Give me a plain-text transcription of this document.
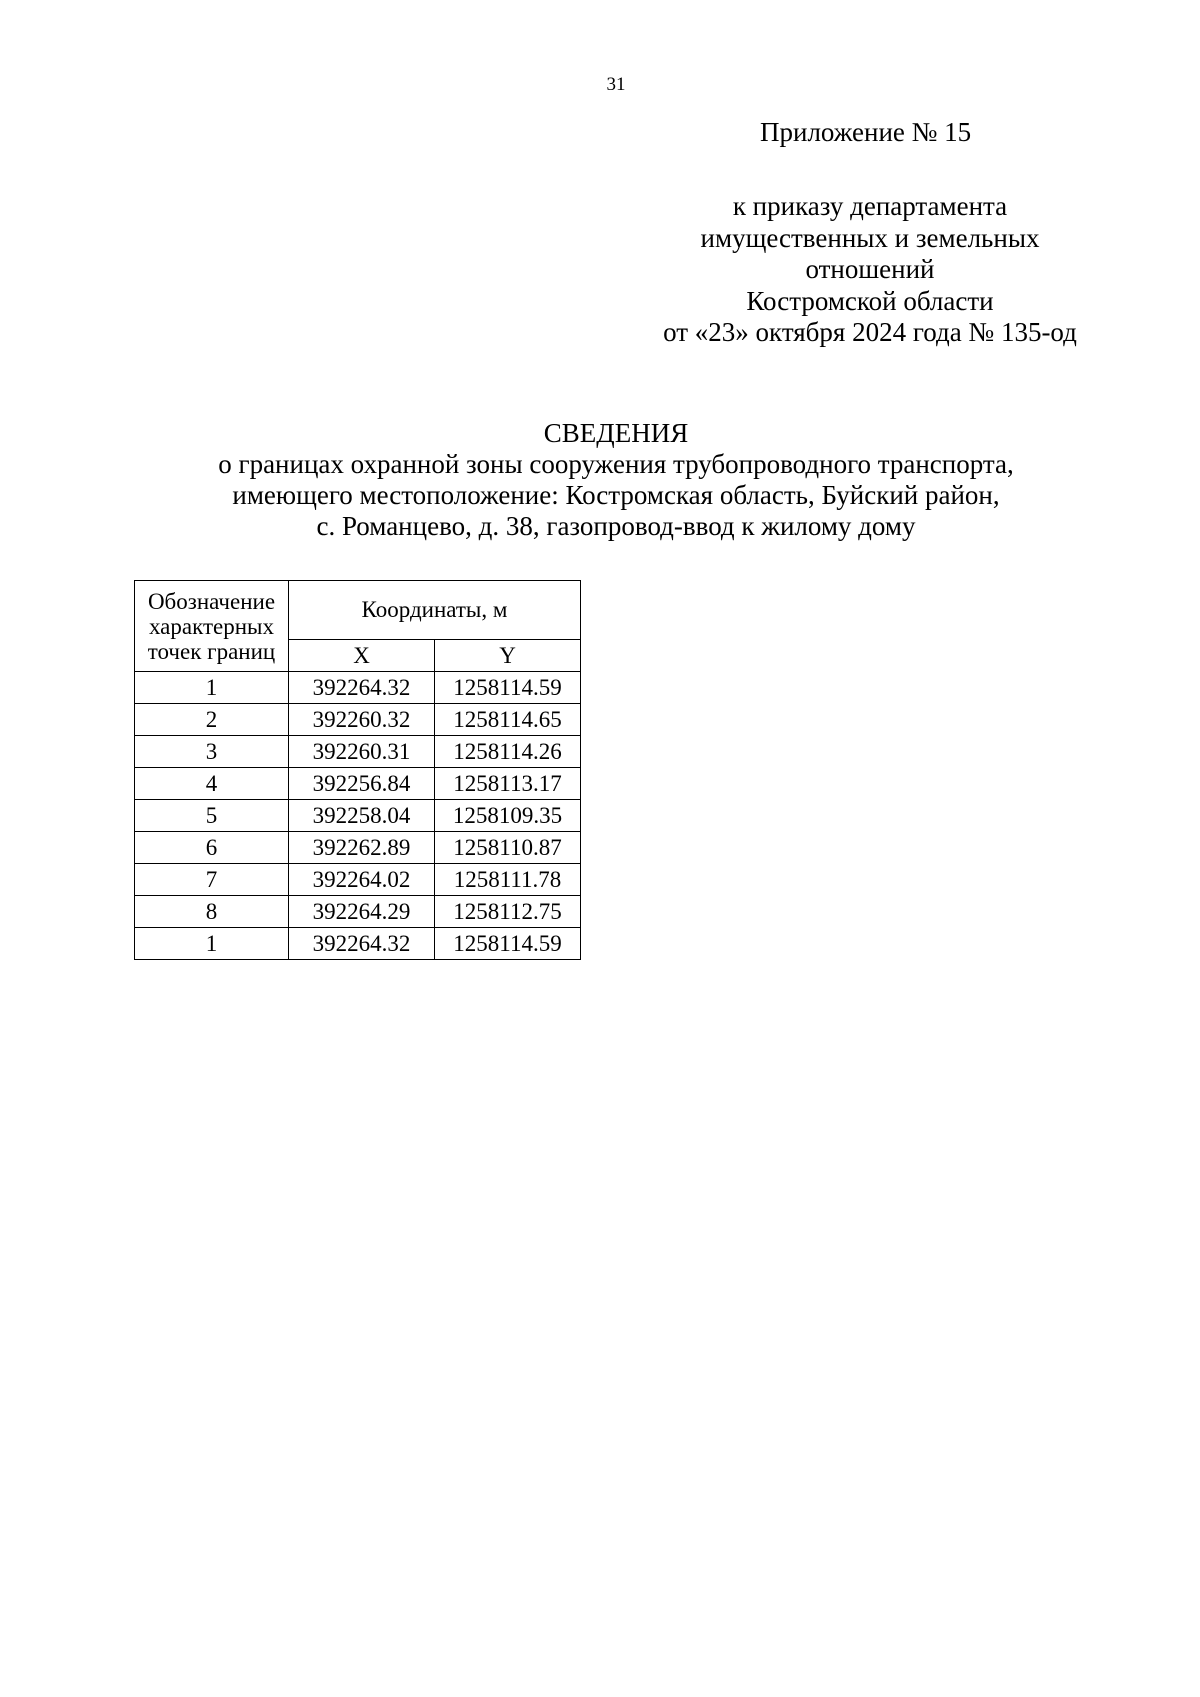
31
Приложение № 15
к приказу департамента
имущественных и земельных
отношений
Костромской области
от «23» октября 2024 года № 135-од
СВЕДЕНИЯ
о границах охранной зоны сооружения трубопроводного транспорта,
имеющего местоположение: Костромская область, Буйский район,
с. Романцево, д. 38, газопровод-ввод к жилому дому
Обозначение
характерных
точек границ	Координаты, м	
	X	Y
1	392264.32	1258114.59
2	392260.32	1258114.65
3	392260.31	1258114.26
4	392256.84	1258113.17
5	392258.04	1258109.35
6	392262.89	1258110.87
7	392264.02	1258111.78
8	392264.29	1258112.75
1	392264.32	1258114.59
